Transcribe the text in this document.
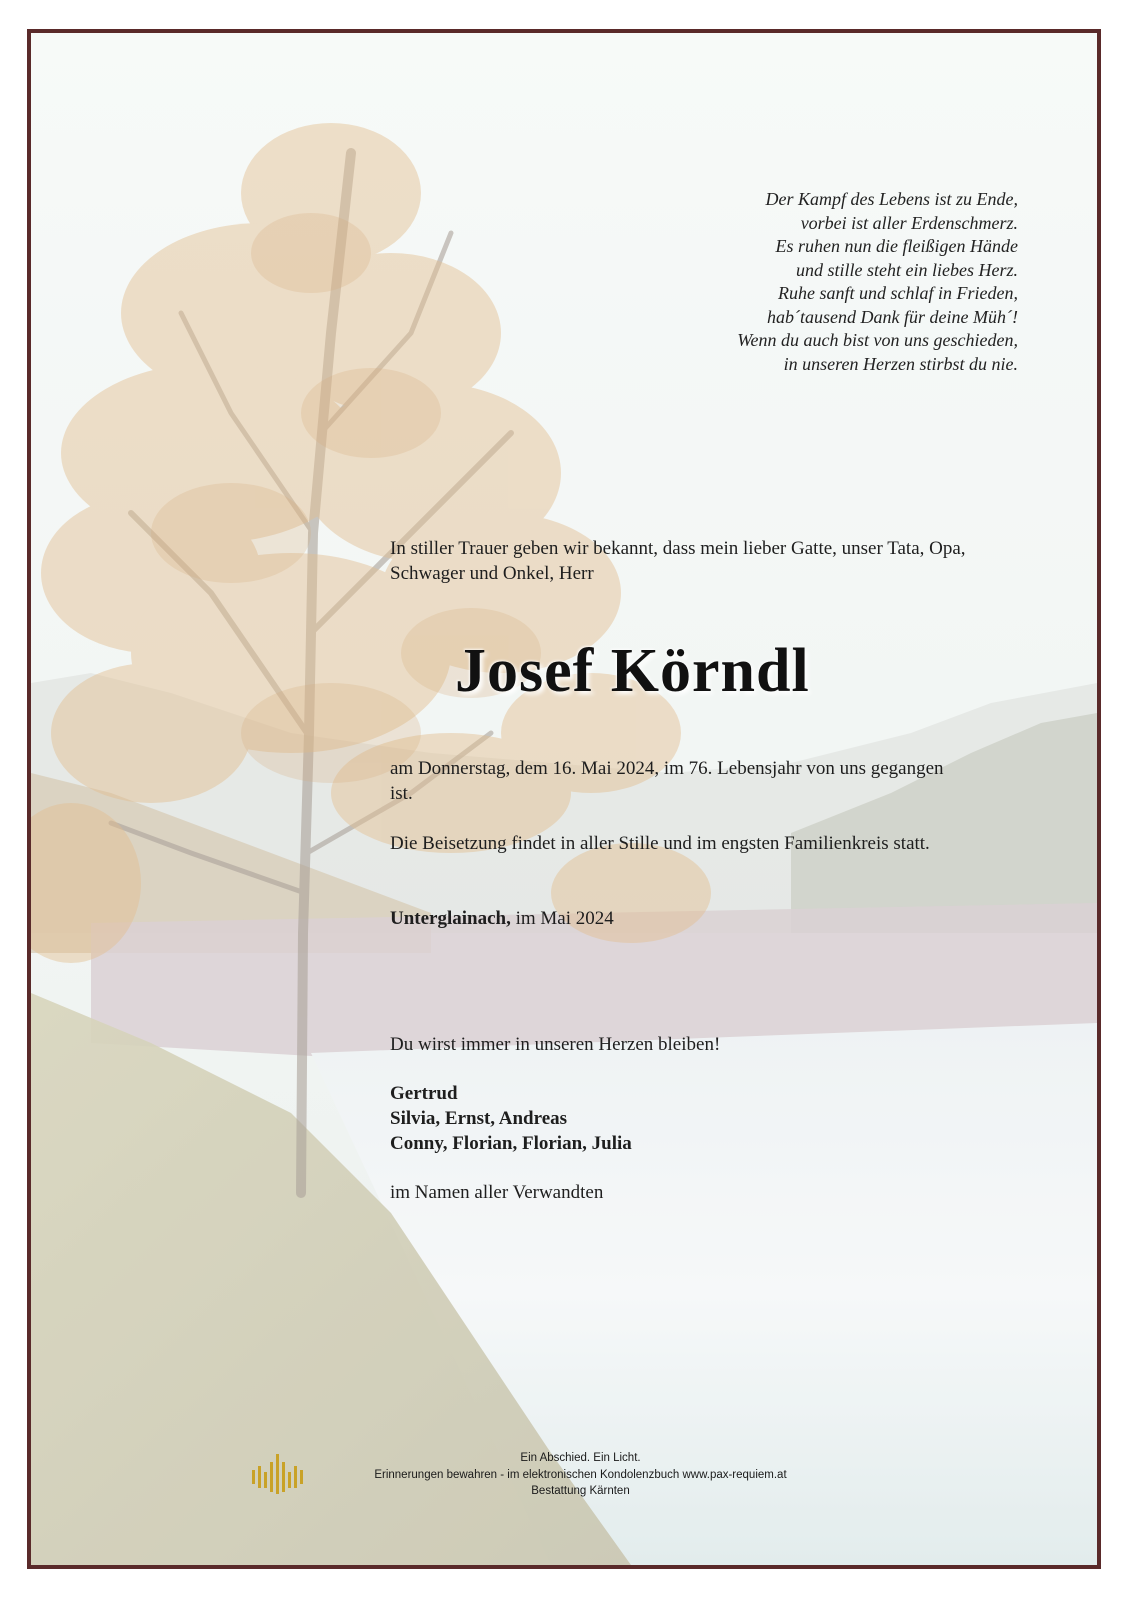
Der Kampf des Lebens ist zu Ende,
vorbei ist aller Erdenschmerz.
Es ruhen nun die fleißigen Hände
und stille steht ein liebes Herz.
Ruhe sanft und schlaf in Frieden,
hab´tausend Dank für deine Müh´!
Wenn du auch bist von uns geschieden,
in unseren Herzen stirbst du nie.
In stiller Trauer geben wir bekannt, dass mein lieber Gatte, unser Tata, Opa, Schwager und Onkel, Herr
Josef Körndl
am Donnerstag, dem 16. Mai 2024, im 76. Lebensjahr von uns gegangen ist.
Die Beisetzung findet in aller Stille und im engsten Familienkreis statt.
Unterglainach, im Mai 2024
Du wirst immer in unseren Herzen bleiben!
Gertrud
Silvia, Ernst, Andreas
Conny, Florian, Florian, Julia
im Namen aller Verwandten
Ein Abschied. Ein Licht.
Erinnerungen bewahren - im elektronischen Kondolenzbuch www.pax-requiem.at
Bestattung Kärnten
